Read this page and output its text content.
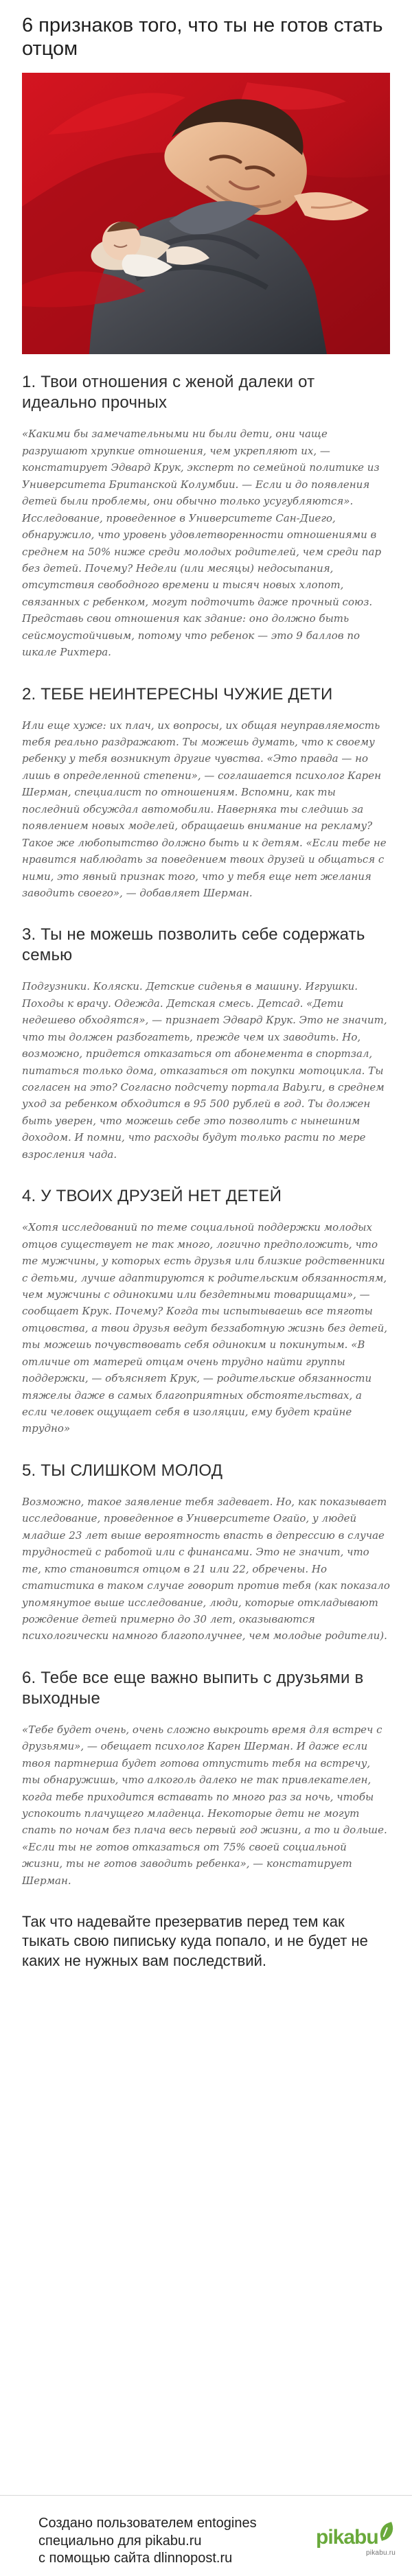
6 признаков того, что ты не готов стать отцом
1. Твои отношения с женой далеки от идеально прочных

«Какими бы замечательными ни были дети, они чаще разрушают хрупкие отношения, чем укрепляют их, — констатирует Эдвард Крук, эксперт по семейной политике из Университета Британской Колумбии. — Если и до появления детей были проблемы, они обычно только усугубляются». Исследование, проведенное в Университете Сан-Диего, обнаружило, что уровень удовлетворенности отношениями в среднем на 50% ниже среди молодых родителей, чем среди пар без детей. Почему? Недели (или месяцы) недосыпания, отсутствия свободного времени и тысяч новых хлопот, связанных с ребенком, могут подточить даже прочный союз. Представь свои отношения как здание: оно должно быть сейсмоустойчивым, потому что ребенок — это 9 баллов по шкале Рихтера.

2. ТЕБЕ НЕИНТЕРЕСНЫ ЧУЖИЕ ДЕТИ

Или еще хуже: их плач, их вопросы, их общая неуправляемость тебя реально раздражают. Ты можешь думать, что к своему ребенку у тебя возникнут другие чувства. «Это правда — но лишь в определенной степени», — соглашается психолог Карен Шерман, специалист по отношениям. Вспомни, как ты последний обсуждал автомобили. Наверняка ты следишь за появлением новых моделей, обращаешь внимание на рекламу? Такое же любопытство должно быть и к детям. «Если тебе не нравится наблюдать за поведением твоих друзей и общаться с ними, это явный признак того, что у тебя еще нет желания заводить своего», — добавляет Шерман.

3. Ты не можешь позволить себе содержать семью

Подгузники. Коляски. Детские сиденья в машину. Игрушки. Походы к врачу. Одежда. Детская смесь. Детсад. «Дети недешево обходятся», — признает Эдвард Крук. Это не значит, что ты должен разбогатеть, прежде чем их заводить. Но, возможно, придется отказаться от абонемента в спортзал, питаться только дома, отказаться от покупки мотоцикла. Ты согласен на это? Согласно подсчету портала Baby.ru, в среднем уход за ребенком обходится в 95 500 рублей в год. Ты должен быть уверен, что можешь себе это позволить с нынешним доходом. И помни, что расходы будут только расти по мере взросления чада.

4. У ТВОИХ ДРУЗЕЙ НЕТ ДЕТЕЙ

«Хотя исследований по теме социальной поддержки молодых отцов существует не так много, логично предположить, что те мужчины, у которых есть друзья или близкие родственники с детьми, лучше адаптируются к родительским обязанностям, чем мужчины с одинокими или бездетными товарищами», — сообщает Крук. Почему? Когда ты испытываешь все тяготы отцовства, а твои друзья ведут беззаботную жизнь без детей, ты можешь почувствовать себя одиноким и покинутым. «В отличие от матерей отцам очень трудно найти группы поддержки, — объясняет Крук, — родительские обязанности тяжелы даже в самых благоприятных обстоятельствах, а если человек ощущает себя в изоляции, ему будет крайне трудно»

5. ТЫ СЛИШКОМ МОЛОД

Возможно, такое заявление тебя задевает. Но, как показывает исследование, проведенное в Университете Огайо, у людей младше 23 лет выше вероятность впасть в депрессию в случае трудностей с работой или с финансами. Это не значит, что те, кто становится отцом в 21 или 22, обречены. Но статистика в таком случае говорит против тебя (как показало упомянутое выше исследование, люди, которые откладывают рождение детей примерно до 30 лет, оказываются психологически намного благополучнее, чем молодые родители).

6. Тебе все еще важно выпить с друзьями в выходные

«Тебе будет очень, очень сложно выкроить время для встреч с друзьями», — обещает психолог Карен Шерман. И даже если твоя партнерша будет готова отпустить тебя на встречу, ты обнаружишь, что алкоголь далеко не так привлекателен, когда тебе приходится вставать по много раз за ночь, чтобы успокоить плачущего младенца. Некоторые дети не могут спать по ночам без плача весь первый год жизни, а то и дольше. «Если ты не готов отказаться от 75% своей социальной жизни, ты не готов заводить ребенка», — констатирует Шерман.

Так что надевайте презерватив перед тем как тыкать свою пипиську куда попало, и не будет не каких не нужных вам последствий.

Создано пользователем entogines
специально для pikabu.ru
с помощью сайта dlinnopost.ru
pikabu
pikabu.ru
